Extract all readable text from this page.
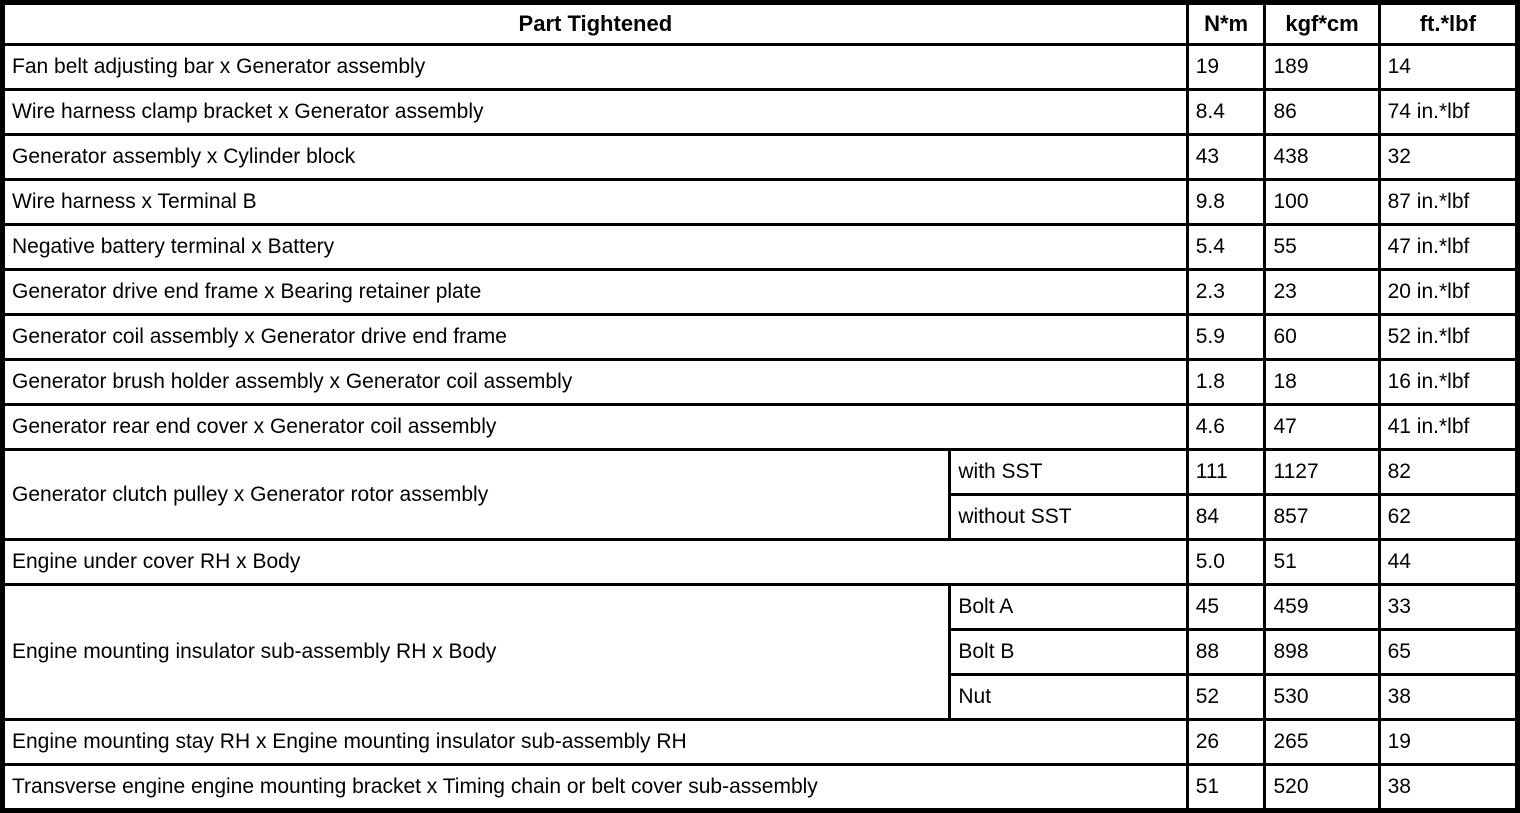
Part Tightened		N*m	kgf*cm	ft.*lbf
Fan belt adjusting bar x Generator assembly		19	189	14
Wire harness clamp bracket x Generator assembly		8.4	86	74 in.*lbf
Generator assembly x Cylinder block		43	438	32
Wire harness x Terminal B		9.8	100	87 in.*lbf
Negative battery terminal x Battery		5.4	55	47 in.*lbf
Generator drive end frame x Bearing retainer plate		2.3	23	20 in.*lbf
Generator coil assembly x Generator drive end frame		5.9	60	52 in.*lbf
Generator brush holder assembly x Generator coil assembly		1.8	18	16 in.*lbf
Generator rear end cover x Generator coil assembly		4.6	47	41 in.*lbf
Generator clutch pulley x Generator rotor assembly	with SST	111	1127	82
	without SST	84	857	62
Engine under cover RH x Body		5.0	51	44
Engine mounting insulator sub-assembly RH x Body	Bolt A	45	459	33
	Bolt B	88	898	65
	Nut	52	530	38
Engine mounting stay RH x Engine mounting insulator sub-assembly RH		26	265	19
Transverse engine engine mounting bracket x Timing chain or belt cover sub-assembly		51	520	38
